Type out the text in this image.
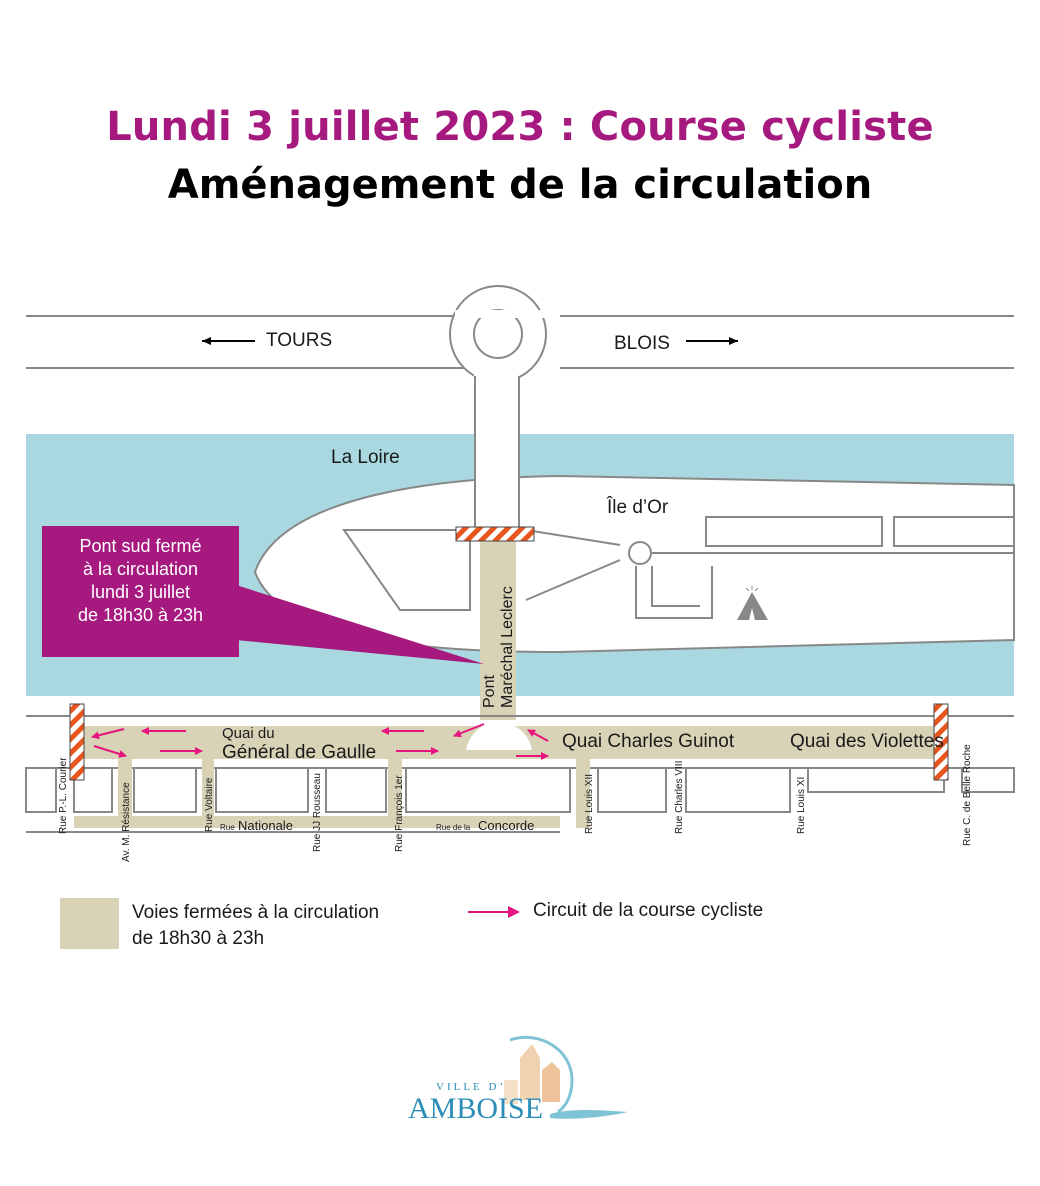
Lundi 3 juillet 2023 : Course cycliste
Aménagement de la circulation
TOURS	BLOIS
La Loire
Île d’Or
Pont Maréchal Leclerc
Quai du
Général de Gaulle
Quai Charles Guinot	Quai des Violettes
Rue P.-L. Courier	Av. M. Résistance	Rue Voltaire Rue Nationale Rue JJ Rousseau	Rue François 1er	Rue de la Concorde	Rue Louis XII	Rue Charles VIII	Rue Louis XI	Rue C. de Belle Roche
Pont sud fermé
à la circulation
lundi 3 juillet
de 18h30 à 23h
Voies fermées à la circulation
de 18h30 à 23h
Circuit de la course cycliste
VILLE D’
AMBOISE
